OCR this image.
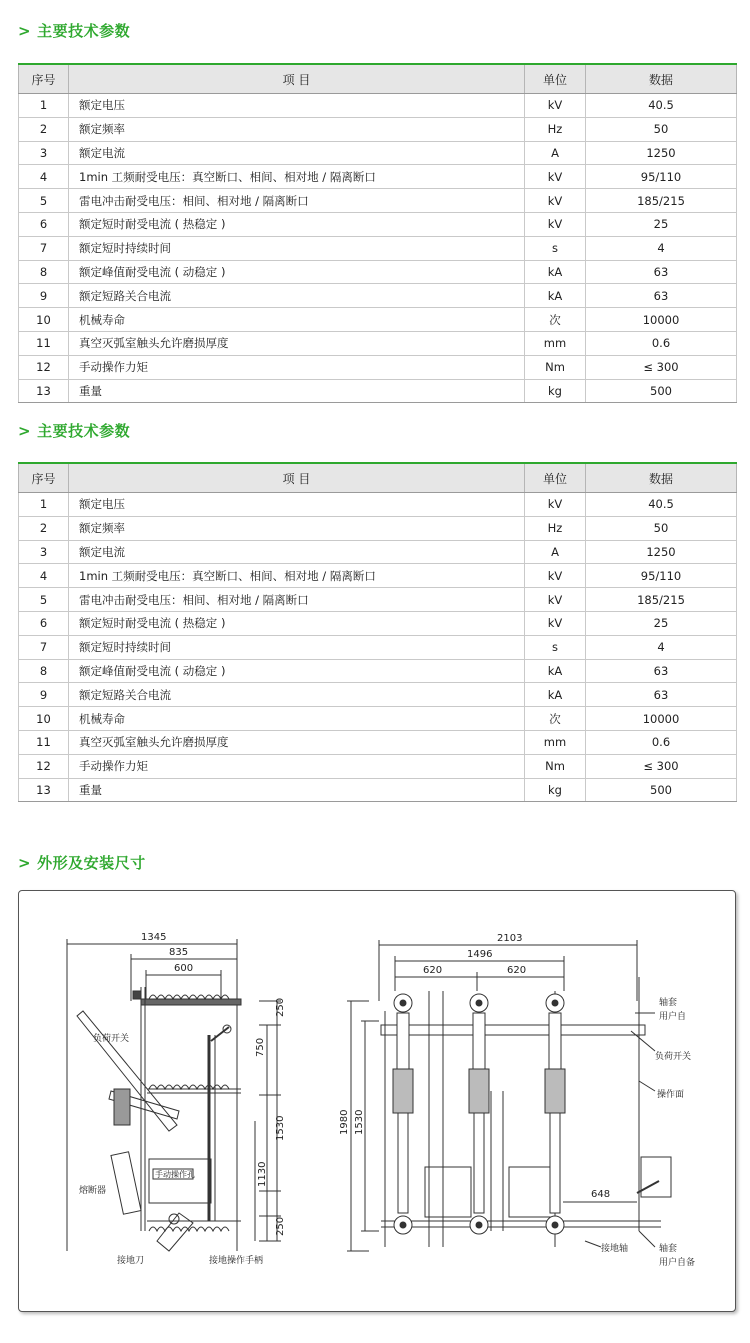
> 主要技术参数
序号	项 目	单位	数据
1	额定电压	kV	40.5
2	额定频率	Hz	50
3	额定电流	A	1250
4	1min 工频耐受电压：真空断口、相间、相对地 / 隔离断口	kV	95/110
5	雷电冲击耐受电压：相间、相对地 / 隔离断口	kV	185/215
6	额定短时耐受电流 ( 热稳定 )	kV	25
7	额定短时持续时间	s	4
8	额定峰值耐受电流 ( 动稳定 )	kA	63
9	额定短路关合电流	kA	63
10	机械寿命	次	10000
11	真空灭弧室触头允许磨损厚度	mm	0.6
12	手动操作力矩	Nm	≤ 300
13	重量	kg	500
> 主要技术参数
序号	项 目	单位	数据
1	额定电压	kV	40.5
2	额定频率	Hz	50
3	额定电流	A	1250
4	1min 工频耐受电压：真空断口、相间、相对地 / 隔离断口	kV	95/110
5	雷电冲击耐受电压：相间、相对地 / 隔离断口	kV	185/215
6	额定短时耐受电流 ( 热稳定 )	kV	25
7	额定短时持续时间	s	4
8	额定峰值耐受电流 ( 动稳定 )	kA	63
9	额定短路关合电流	kA	63
10	机械寿命	次	10000
11	真空灭弧室触头允许磨损厚度	mm	0.6
12	手动操作力矩	Nm	≤ 300
13	重量	kg	500
> 外形及安装尺寸
1345
835
600
250
750
1530
1130
250
负荷开关
熔断器
手动操作孔
接地刀	接地操作手柄
2103
1496
620	620
1980 1530
648
轴套
用户自
负荷开关
操作面
接地轴	轴套
用户自备
